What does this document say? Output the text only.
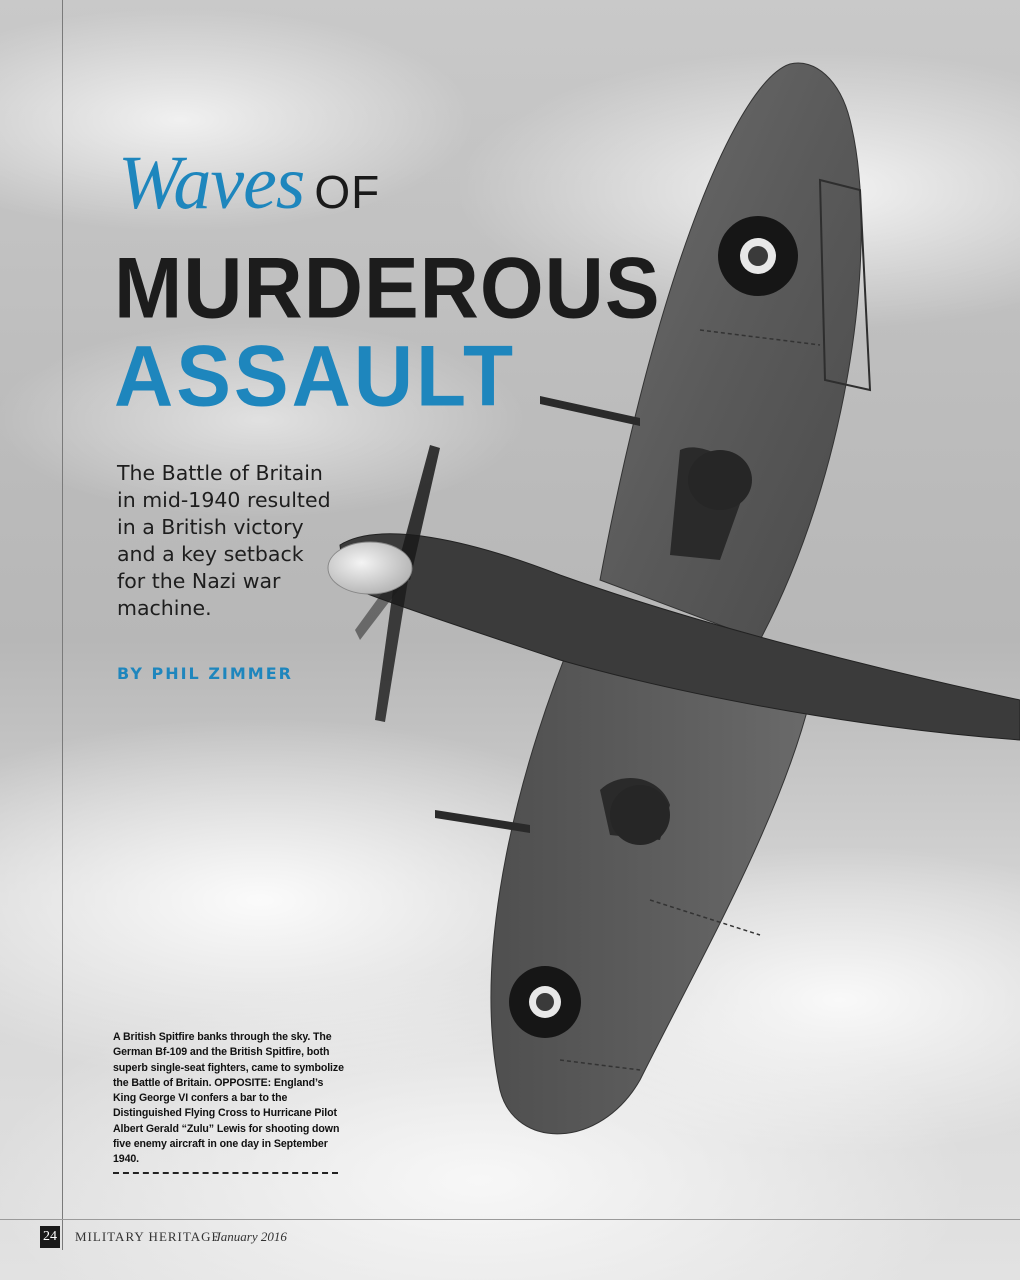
Waves OF
MURDEROUS
ASSAULT
The Battle of Britain in mid-1940 resulted in a British victory and a key setback for the Nazi war machine.
BY PHIL ZIMMER
A British Spitfire banks through the sky. The German Bf-109 and the British Spitfire, both superb single-seat fighters, came to symbolize the Battle of Britain. OPPOSITE: England’s King George VI confers a bar to the Distinguished Flying Cross to Hurricane Pilot Albert Gerald “Zulu” Lewis for shooting down five enemy aircraft in one day in September 1940.
24 MILITARY HERITAGE
January 2016
